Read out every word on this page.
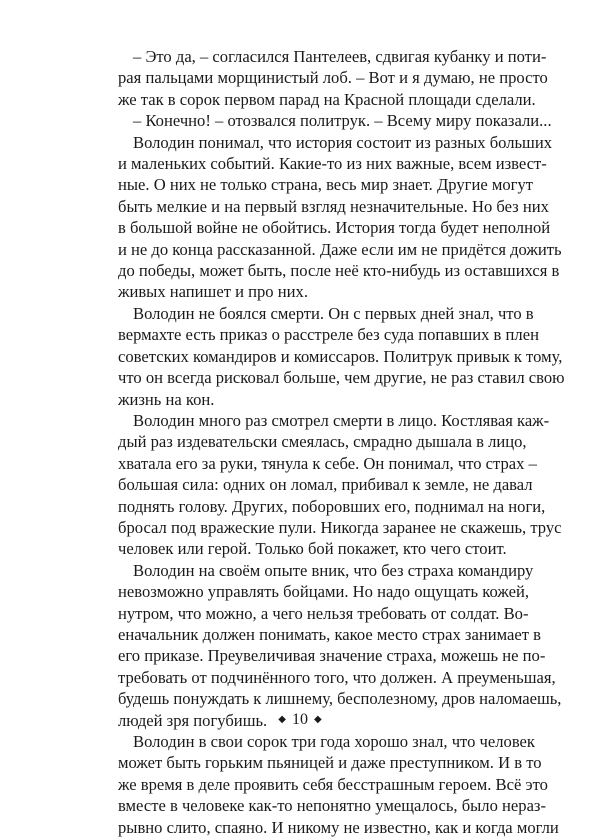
– Это да, – согласился Пантелеев, сдвигая кубанку и поти-
рая пальцами морщинистый лоб. – Вот и я думаю, не просто
же так в сорок первом парад на Красной площади сделали.
– Конечно! – отозвался политрук. – Всему миру показали...
Володин понимал, что история состоит из разных больших
и маленьких событий. Какие-то из них важные, всем извест-
ные. О них не только страна, весь мир знает. Другие могут
быть мелкие и на первый взгляд незначительные. Но без них
в большой войне не обойтись. История тогда будет неполной
и не до конца рассказанной. Даже если им не придётся дожить
до победы, может быть, после неё кто-нибудь из оставшихся в
живых напишет и про них.
Володин не боялся смерти. Он с первых дней знал, что в
вермахте есть приказ о расстреле без суда попавших в плен
советских командиров и комиссаров. Политрук привык к тому,
что он всегда рисковал больше, чем другие, не раз ставил свою
жизнь на кон.
Володин много раз смотрел смерти в лицо. Костлявая каж-
дый раз издевательски смеялась, смрадно дышала в лицо,
хватала его за руки, тянула к себе. Он понимал, что страх –
большая сила: одних он ломал, прибивал к земле, не давал
поднять голову. Других, поборовших его, поднимал на ноги,
бросал под вражеские пули. Никогда заранее не скажешь, трус
человек или герой. Только бой покажет, кто чего стоит.
Володин на своём опыте вник, что без страха командиру
невозможно управлять бойцами. Но надо ощущать кожей,
нутром, что можно, а чего нельзя требовать от солдат. Во-
еначальник должен понимать, какое место страх занимает в
его приказе. Преувеличивая значение страха, можешь не по-
требовать от подчинённого того, что должен. А преуменьшая,
будешь понуждать к лишнему, бесполезному, дров наломаешь,
людей зря погубишь.
Володин в свои сорок три года хорошо знал, что человек
может быть горьким пьяницей и даже преступником. И в то
же время в деле проявить себя бесстрашным героем. Всё это
вместе в человеке как-то непонятно умещалось, было нераз-
рывно слито, спаяно. И никому не известно, как и когда могли
◆ 10 ◆
